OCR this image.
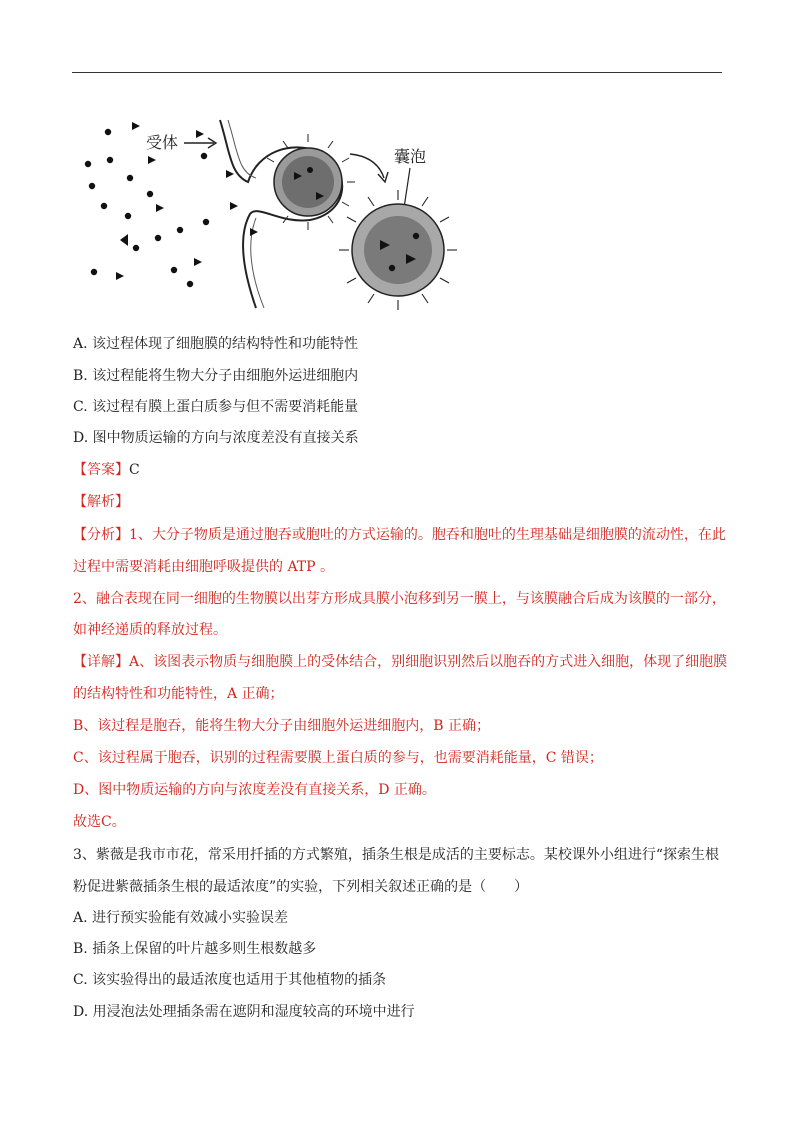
受体
囊泡
A. 该过程体现了细胞膜的结构特性和功能特性
B. 该过程能将生物大分子由细胞外运进细胞内
C. 该过程有膜上蛋白质参与但不需要消耗能量
D. 图中物质运输的方向与浓度差没有直接关系
【答案】C
【解析】
【分析】1、大分子物质是通过胞吞或胞吐的方式运输的。胞吞和胞吐的生理基础是细胞膜的流动性，在此
过程中需要消耗由细胞呼吸提供的 ATP 。
2、融合表现在同一细胞的生物膜以出芽方形成具膜小泡移到另一膜上，与该膜融合后成为该膜的一部分，
如神经递质的释放过程。
【详解】A、该图表示物质与细胞膜上的受体结合，别细胞识别然后以胞吞的方式进入细胞，体现了细胞膜
的结构特性和功能特性，A 正确；
B、该过程是胞吞，能将生物大分子由细胞外运进细胞内，B 正确；
C、该过程属于胞吞，识别的过程需要膜上蛋白质的参与，也需要消耗能量，C 错误；
D、图中物质运输的方向与浓度差没有直接关系，D 正确。
故选C。
3、紫薇是我市市花，常采用扦插的方式繁殖，插条生根是成活的主要标志。某校课外小组进行“探索生根
粉促进紫薇插条生根的最适浓度”的实验，下列相关叙述正确的是（　　）
A. 进行预实验能有效减小实验误差
B. 插条上保留的叶片越多则生根数越多
C. 该实验得出的最适浓度也适用于其他植物的插条
D. 用浸泡法处理插条需在遮阴和湿度较高的环境中进行
